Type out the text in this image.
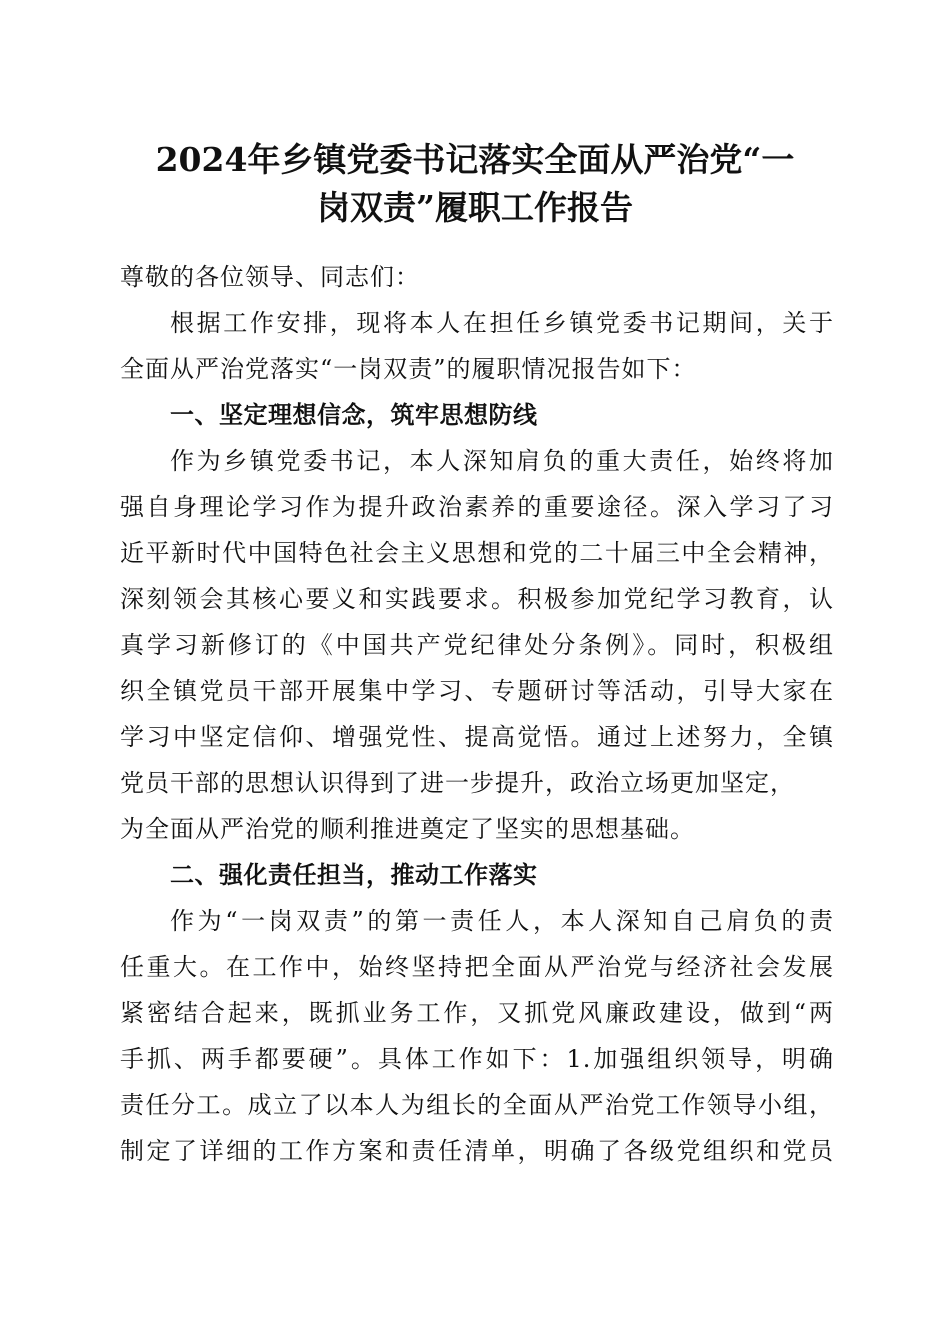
2024年乡镇党委书记落实全面从严治党“一
岗双责”履职工作报告
尊敬的各位领导、同志们：
根据工作安排，现将本人在担任乡镇党委书记期间，关于
全面从严治党落实“一岗双责”的履职情况报告如下：
一、坚定理想信念，筑牢思想防线
作为乡镇党委书记，本人深知肩负的重大责任，始终将加
强自身理论学习作为提升政治素养的重要途径。深入学习了习
近平新时代中国特色社会主义思想和党的二十届三中全会精神，
深刻领会其核心要义和实践要求。积极参加党纪学习教育，认
真学习新修订的《中国共产党纪律处分条例》。同时，积极组
织全镇党员干部开展集中学习、专题研讨等活动，引导大家在
学习中坚定信仰、增强党性、提高觉悟。通过上述努力，全镇
党员干部的思想认识得到了进一步提升，政治立场更加坚定，
为全面从严治党的顺利推进奠定了坚实的思想基础。
二、强化责任担当，推动工作落实
作为“一岗双责”的第一责任人，本人深知自己肩负的责
任重大。在工作中，始终坚持把全面从严治党与经济社会发展
紧密结合起来，既抓业务工作，又抓党风廉政建设，做到“两
手抓、两手都要硬”。具体工作如下：1.加强组织领导，明确
责任分工。成立了以本人为组长的全面从严治党工作领导小组，
制定了详细的工作方案和责任清单，明确了各级党组织和党员
